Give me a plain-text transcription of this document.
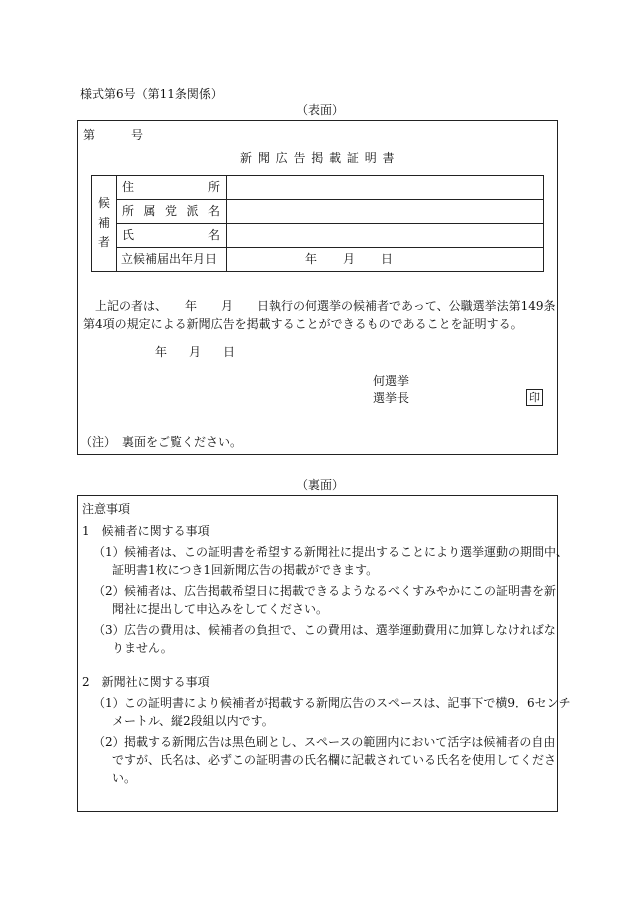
様式第6号（第11条関係）
（表面）
第	号
新 聞 広 告 掲 載 証 明 書
候
補
者	住 所	

	所 属 党 派 名	

	氏 名	

	立候補届出年月日	年 月 日
上記の者は、　　年　　月　　日執行の何選挙の候補者であって、公職選挙法第149条
第4項の規定による新聞広告を掲載することができるものであることを証明する。
年 月 日
何選挙
選挙長	印
（注）　裏面をご覧ください。
（裏面）
注意事項
1　候補者に関する事項
（1） 候補者は、この証明書を希望する新聞社に提出することにより選挙運動の期間中、
証明書1枚につき1回新聞広告の掲載ができます。
（2） 候補者は、広告掲載希望日に掲載できるようなるべくすみやかにこの証明書を新
聞社に提出して申込みをしてください。
（3） 広告の費用は、候補者の負担で、この費用は、選挙運動費用に加算しなければな
りません。
2　新聞社に関する事項
（1） この証明書により候補者が掲載する新聞広告のスペースは、記事下で横9．6センチ
メートル、縦2段組以内です。
（2） 掲載する新聞広告は黒色刷とし、スペースの範囲内において活字は候補者の自由
ですが、氏名は、必ずこの証明書の氏名欄に記載されている氏名を使用してくださ
い。
